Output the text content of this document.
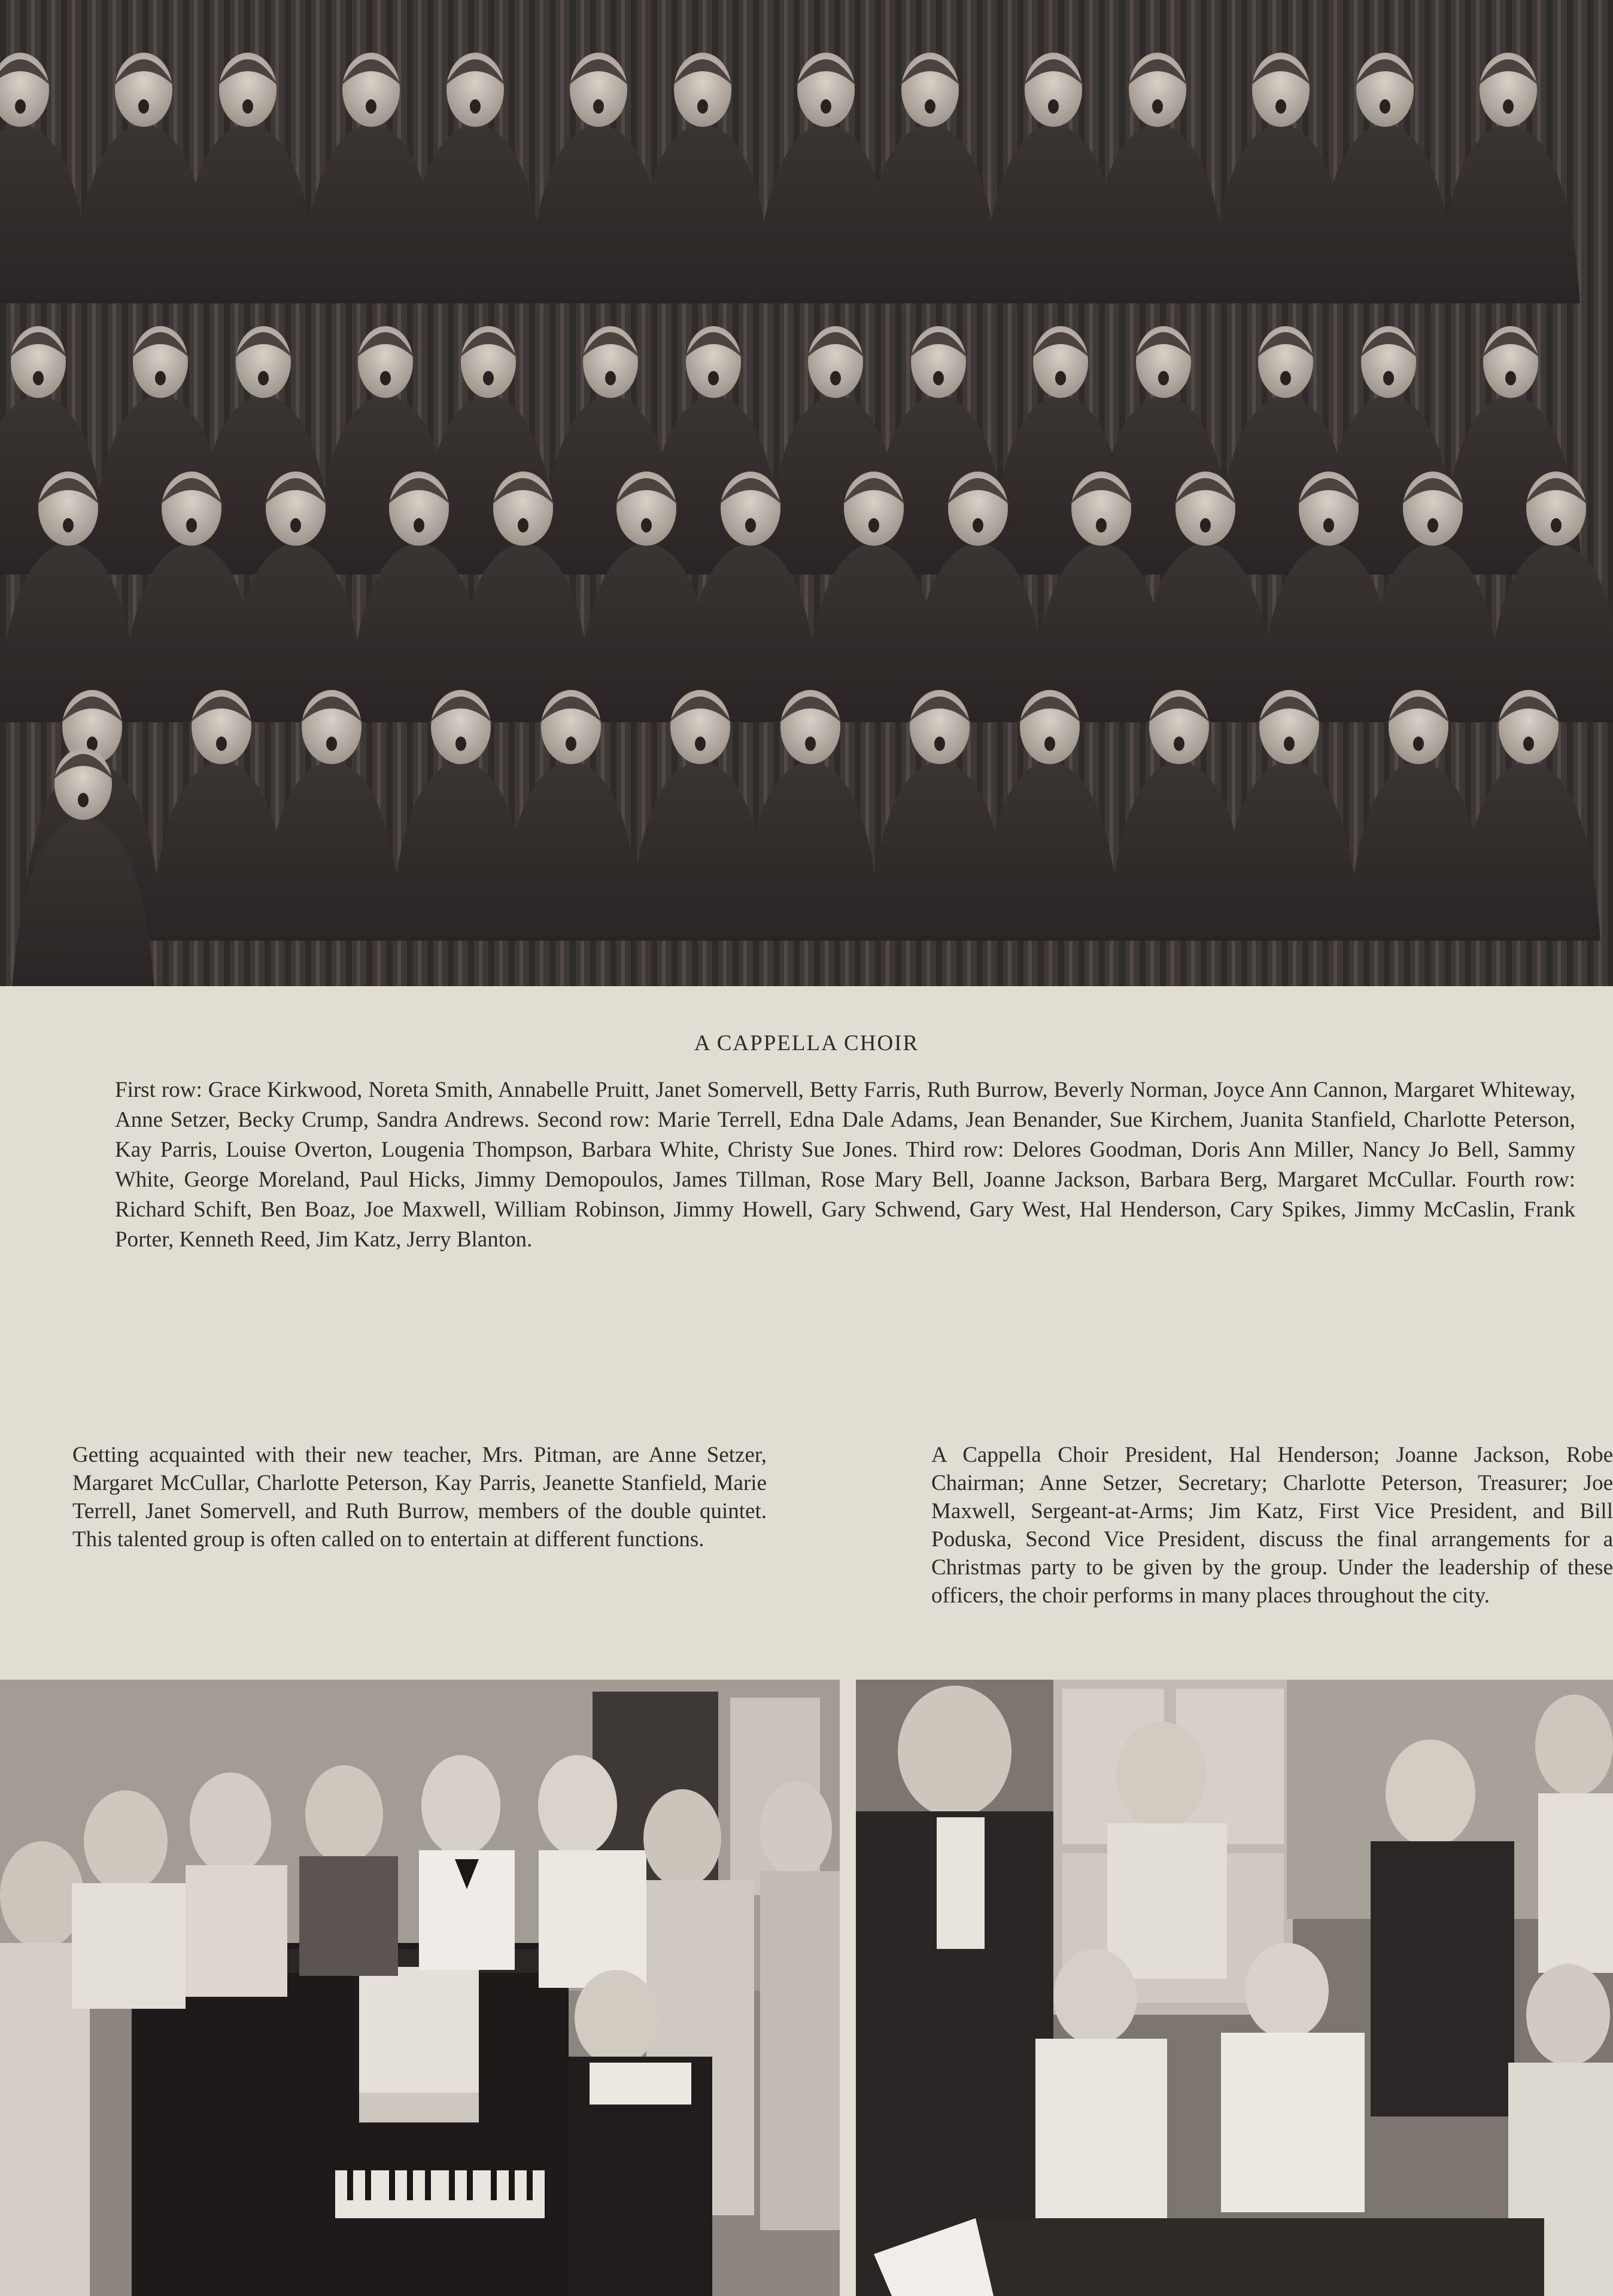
A CAPPELLA CHOIR
First row: Grace Kirkwood, Noreta Smith, Annabelle Pruitt, Janet Somervell, Betty Farris, Ruth Burrow, Beverly Norman, Joyce Ann Cannon, Margaret Whiteway, Anne Setzer, Becky Crump, Sandra Andrews. Second row: Marie Terrell, Edna Dale Adams, Jean Benander, Sue Kirchem, Juanita Stanfield, Charlotte Peterson, Kay Parris, Louise Overton, Lougenia Thompson, Barbara White, Christy Sue Jones. Third row: Delores Goodman, Doris Ann Miller, Nancy Jo Bell, Sammy White, George Moreland, Paul Hicks, Jimmy Demopoulos, James Tillman, Rose Mary Bell, Joanne Jackson, Barbara Berg, Margaret McCullar. Fourth row: Richard Schift, Ben Boaz, Joe Maxwell, William Robinson, Jimmy Howell, Gary Schwend, Gary West, Hal Henderson, Cary Spikes, Jimmy McCaslin, Frank Porter, Kenneth Reed, Jim Katz, Jerry Blanton.
Getting acquainted with their new teacher, Mrs. Pitman, are Anne Setzer, Margaret McCullar, Charlotte Peterson, Kay Parris, Jeanette Stanfield, Marie Terrell, Janet Somervell, and Ruth Burrow, members of the double quintet. This talented group is often called on to entertain at different functions.
A Cappella Choir President, Hal Henderson; Joanne Jackson, Robe Chairman; Anne Setzer, Secretary; Charlotte Peterson, Treasurer; Joe Maxwell, Sergeant-at-Arms; Jim Katz, First Vice President, and Bill Poduska, Second Vice President, discuss the final arrangements for a Christmas party to be given by the group. Under the leadership of these officers, the choir performs in many places throughout the city.
